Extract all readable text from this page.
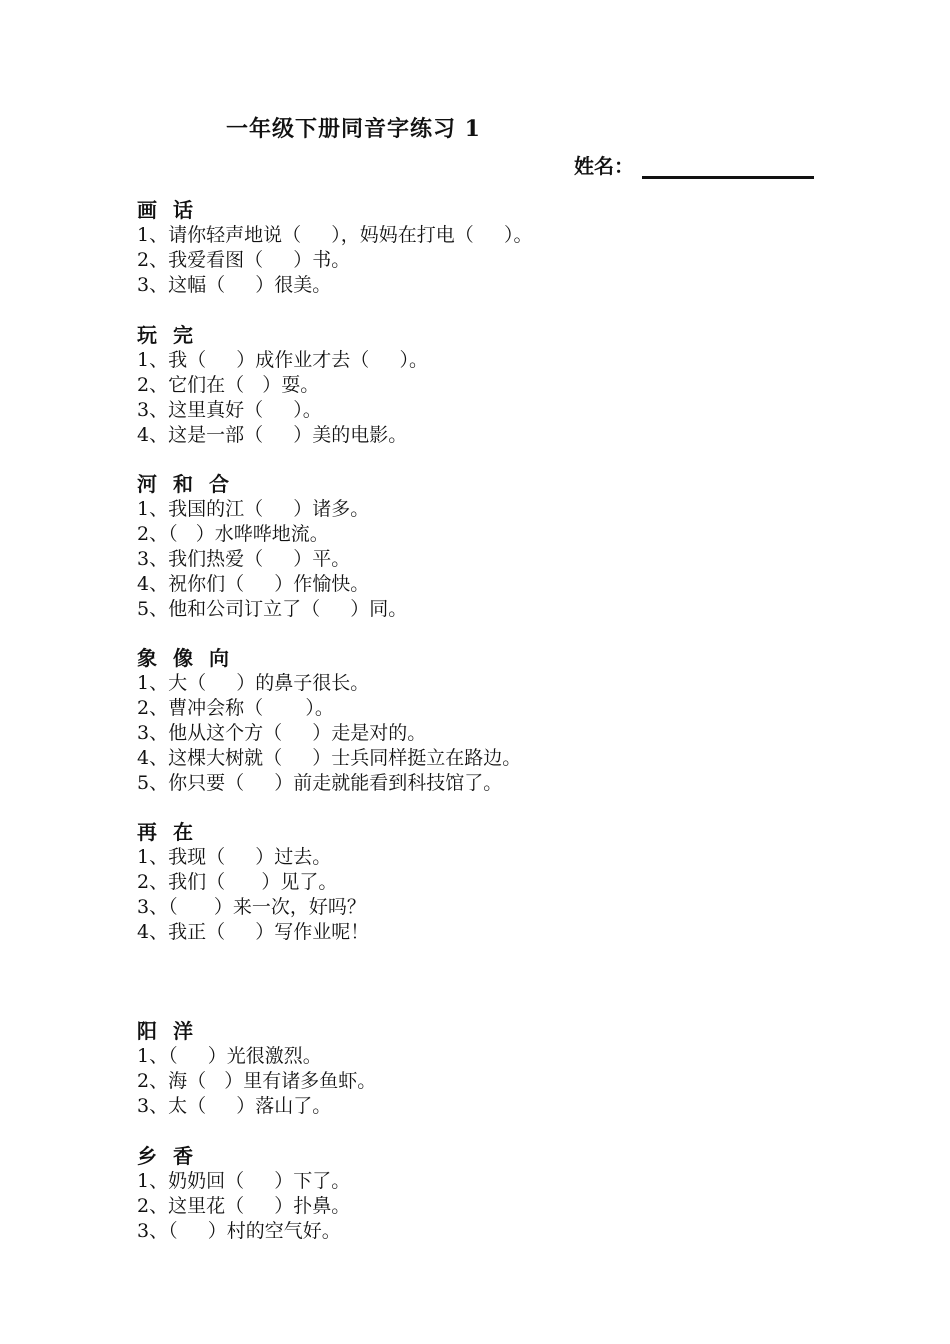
一年级下册同音字练习 1
姓名：
画 话
1、请你轻声地说（     ），妈妈在打电（     ）。
2、我爱看图（     ）书。
3、这幅（     ）很美。
玩 完
1、我（     ）成作业才去（     ）。
2、它们在（   ）耍。
3、这里真好（     ）。
4、这是一部（     ）美的电影。
河 和 合
1、我国的江（     ）诸多。
2、（   ）水哗哗地流。
3、我们热爱（     ）平。
4、祝你们（     ）作愉快。
5、他和公司订立了（     ）同。
象 像 向
1、大（     ）的鼻子很长。
2、曹冲会称（       ）。
3、他从这个方（     ）走是对的。
4、这棵大树就（     ）士兵同样挺立在路边。
5、你只要（     ）前走就能看到科技馆了。
再 在
1、我现（     ）过去。
2、我们（      ）见了。
3、（      ）来一次，好吗？
4、我正（     ）写作业呢！
阳 洋
1、（     ）光很激烈。
2、海（   ）里有诸多鱼虾。
3、太（     ）落山了。
乡 香
1、奶奶回（     ）下了。
2、这里花（     ）扑鼻。
3、（     ）村的空气好。
